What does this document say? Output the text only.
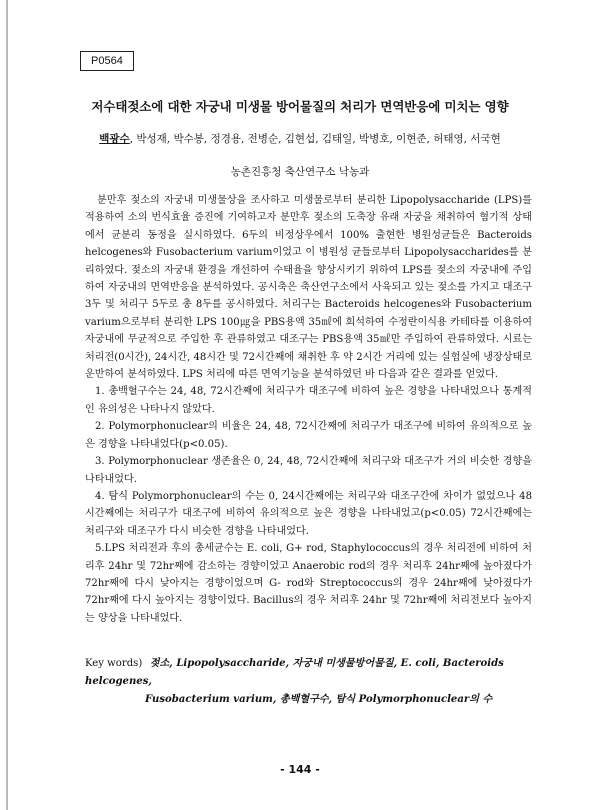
P0564
저수태젖소에 대한 자궁내 미생물 방어물질의 처리가 면역반응에 미치는 영향
백광수, 박성재, 박수봉, 정경용, 전병순, 김현섭, 김태일, 박병호, 이현준, 허태영, 서국현
농촌진흥청 축산연구소 낙농과

분만후 젖소의 자궁내 미생물상을 조사하고 미생물로부터 분리한 Lipopolysaccharide (LPS)를 적용하여 소의 번식효율 증진에 기여하고자 분만후 젖소의 도축장 유래 자궁을 채취하여 혐기적 상태에서 균분리 동정을 실시하였다. 6두의 비정상우에서 100% 출현한 병원성균들은 Bacteroids helcogenes와 Fusobacterium varium이었고 이 병원성 균들로부터 Lipopolysaccharides를 분리하였다. 젖소의 자궁내 환경을 개선하여 수태율을 향상시키기 위하여 LPS를 젖소의 자궁내에 주입하여 자궁내의 면역반응을 분석하였다. 공시축은 축산연구소에서 사육되고 있는 젖소를 가지고 대조구 3두 및 처리구 5두로 총 8두를 공시하였다. 처리구는 Bacteroids helcogenes와 Fusobacterium varium으로부터 분리한 LPS 100㎍을 PBS용액 35㎖에 희석하여 수정란이식용 카테타를 이용하여 자궁내에 무균적으로 주입한 후 관류하였고 대조구는 PBS용액 35㎖만 주입하여 관류하였다. 시료는 처리전(0시간), 24시간, 48시간 및 72시간째에 채취한 후 약 2시간 거리에 있는 실험실에 냉장상태로 운반하여 분석하였다. LPS 처리에 따른 면역기능을 분석하였던 바 다음과 같은 결과를 얻었다.

1. 총백혈구수는 24, 48, 72시간째에 처리구가 대조구에 비하여 높은 경향을 나타내었으나 통계적인 유의성은 나타나지 않았다.

2. Polymorphonuclear의 비율은 24, 48, 72시간째에 처리구가 대조구에 비하여 유의적으로 높은 경향을 나타내었다(p<0.05).

3. Polymorphonuclear 생존율은 0, 24, 48, 72시간째에 처리구와 대조구가 거의 비슷한 경향을 나타내었다.

4. 탐식 Polymorphonuclear의 수는 0, 24시간째에는 처리구와 대조구간에 차이가 없었으나 48시간째에는 처리구가 대조구에 비하여 유의적으로 높은 경향을 나타내었고(p<0.05) 72시간째에는 처리구와 대조구가 다시 비슷한 경향을 나타내었다.

5.LPS 처리전과 후의 총세균수는 E. coli, G+ rod, Staphylococcus의 경우 처리전에 비하여 처리후 24hr 및 72hr째에 감소하는 경향이었고 Anaerobic rod의 경우 처리후 24hr째에 높아졌다가 72hr째에 다시 낮아지는 경향이었으며 G- rod와 Streptococcus의 경우 24hr째에 낮아졌다가 72hr째에 다시 높아지는 경향이었다. Bacillus의 경우 처리후 24hr 및 72hr째에 처리전보다 높아지는 양상을 나타내었다.

Key words) 젖소, Lipopolysaccharide, 자궁내 미생물방어물질, E. coli, Bacteroids helcogenes,
Fusobacterium varium, 총백혈구수, 탐식 Polymorphonuclear의 수
- 144 -
